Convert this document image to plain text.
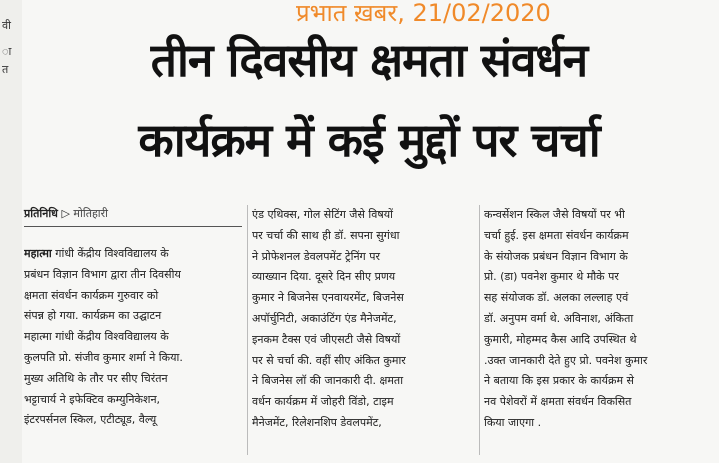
वी
ा
त
प्रभात ख़बर, 21/02/2020
तीन दिवसीय क्षमता संवर्धन
कार्यक्रम में कई मुद्दों पर चर्चा
प्रतिनिधि ▷ मोतिहारी
महात्मा गांधी केंद्रीय विश्वविद्यालय के
प्रबंधन विज्ञान विभाग द्वारा तीन दिवसीय
क्षमता संवर्धन कार्यक्रम गुरुवार को
संपन्न हो गया. कार्यक्रम का उद्घाटन
महात्मा गांधी केंद्रीय विश्वविद्यालय के
कुलपति प्रो. संजीव कुमार शर्मा ने किया.
मुख्य अतिथि के तौर पर सीए चिरंतन
भट्टाचार्य ने इफेक्टिव कम्युनिकेशन,
इंटरपर्सनल स्किल, एटीट्यूड, वैल्यू
एंड एथिक्स, गोल सेटिंग जैसे विषयों
पर चर्चा की साथ ही डॉ. सपना सुगंधा
ने प्रोफेशनल डेवलपमेंट ट्रेनिंग पर
व्याख्यान दिया. दूसरे दिन सीए प्रणय
कुमार ने बिजनेस एनवायरमेंट, बिजनेस
अपॉर्चुनिटी, अकाउंटिंग एंड मैनेजमेंट,
इनकम टैक्स एवं जीएसटी जैसे विषयों
पर से चर्चा की. वहीं सीए अंकित कुमार
ने बिजनेस लॉ की जानकारी दी. क्षमता
वर्धन कार्यक्रम में जोहरी विंडो, टाइम
मैनेजमेंट, रिलेशनशिप डेवलपमेंट,
कन्वर्सेशन स्किल जैसे विषयों पर भी
चर्चा हुई. इस क्षमता संवर्धन कार्यक्रम
के संयोजक प्रबंधन विज्ञान विभाग के
प्रो. (डा) पवनेश कुमार थे मौके पर
सह संयोजक डॉ. अलका लल्लाह एवं
डॉ. अनुपम वर्मा थे. अविनाश, अंकिता
कुमारी, मोहम्मद कैस आदि उपस्थित थे
.उक्त जानकारी देते हुए प्रो. पवनेश कुमार
ने बताया कि इस प्रकार के कार्यक्रम से
नव पेशेवरों में क्षमता संवर्धन विकसित
किया जाएगा .
